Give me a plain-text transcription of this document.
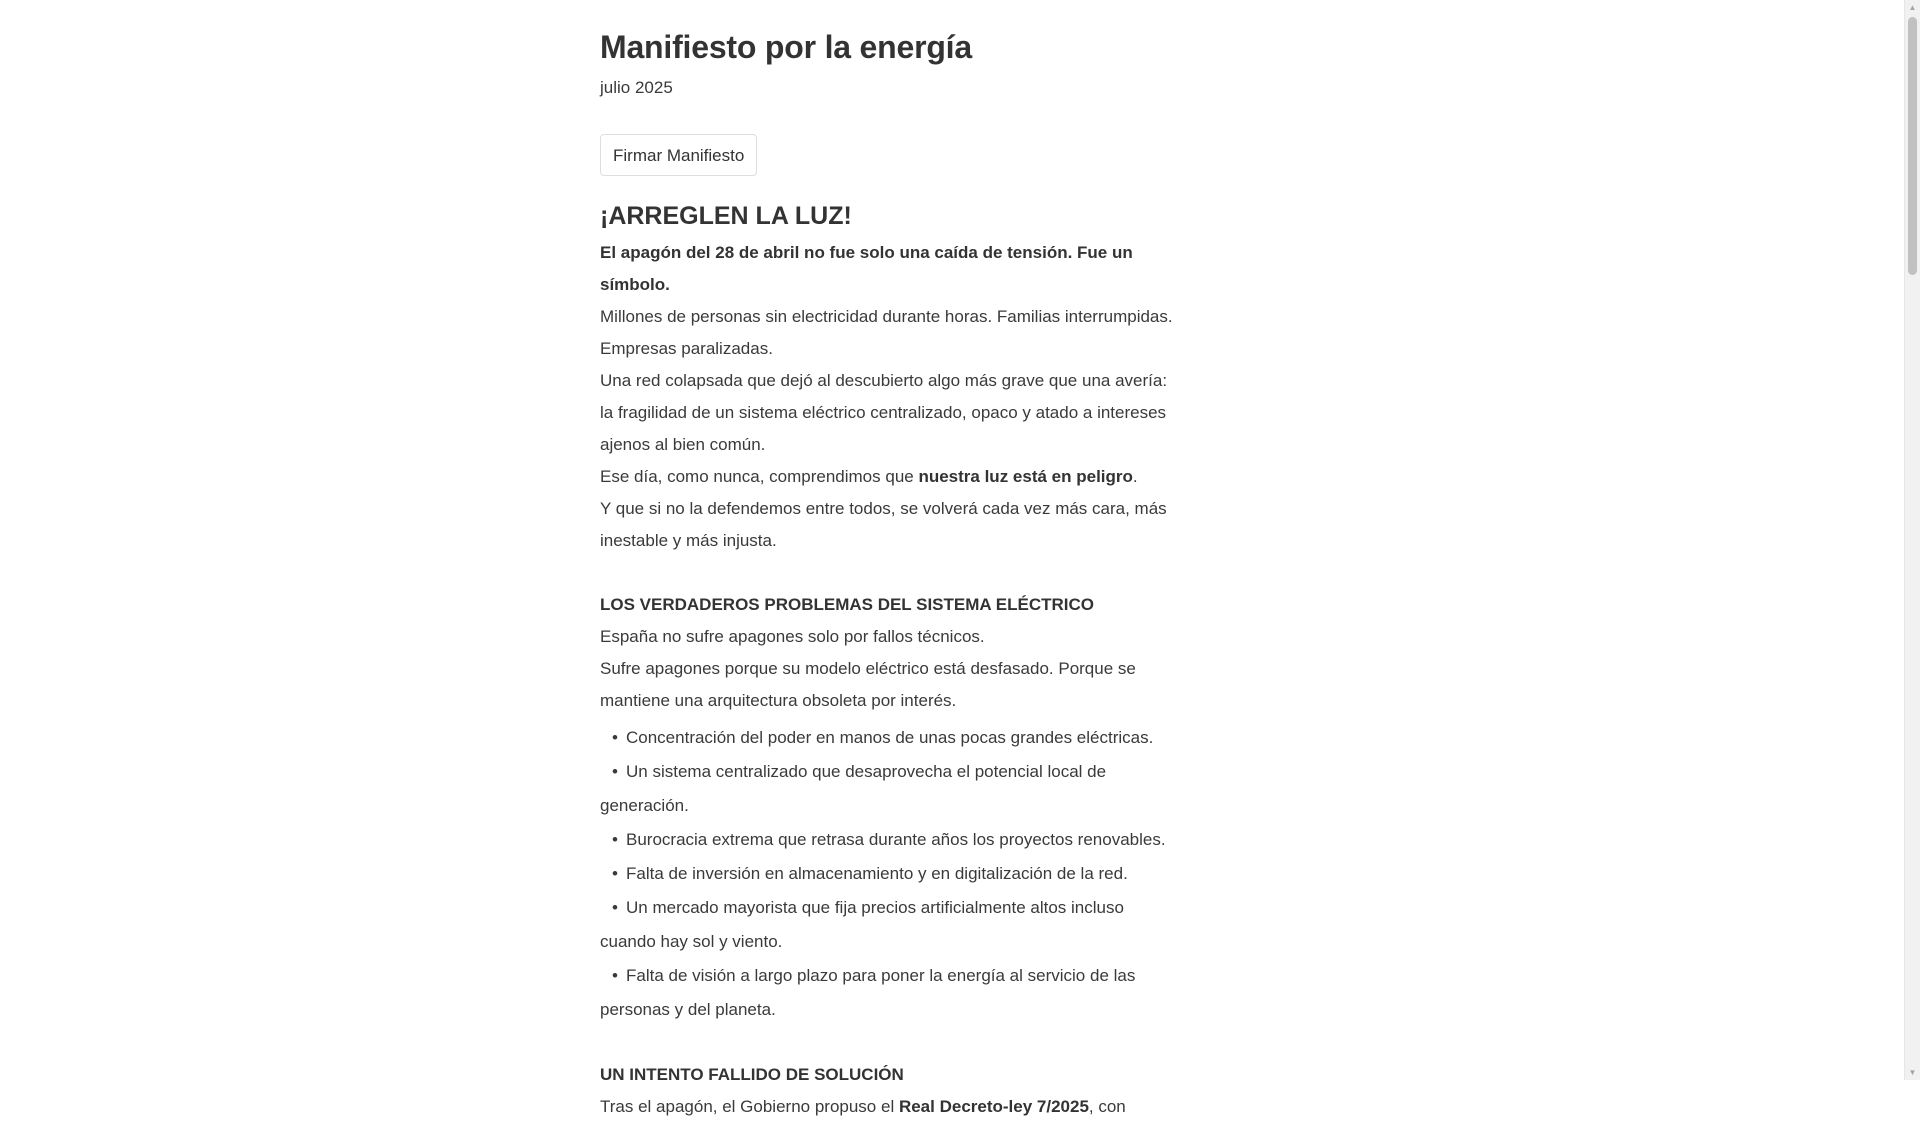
Manifiesto por la energía
julio 2025
Firmar Manifiesto
¡ARREGLEN LA LUZ!

El apagón del 28 de abril no fue solo una caída de tensión. Fue un símbolo.

Millones de personas sin electricidad durante horas. Familias interrumpidas. Empresas paralizadas.

Una red colapsada que dejó al descubierto algo más grave que una avería: la fragilidad de un sistema eléctrico centralizado, opaco y atado a intereses ajenos al bien común.

Ese día, como nunca, comprendimos que nuestra luz está en peligro.

Y que si no la defendemos entre todos, se volverá cada vez más cara, más inestable y más injusta.

LOS VERDADEROS PROBLEMAS DEL SISTEMA ELÉCTRICO

España no sufre apagones solo por fallos técnicos.

Sufre apagones porque su modelo eléctrico está desfasado. Porque se mantiene una arquitectura obsoleta por interés.

• Concentración del poder en manos de unas pocas grandes eléctricas.
• Un sistema centralizado que desaprovecha el potencial local de generación.
• Burocracia extrema que retrasa durante años los proyectos renovables.
• Falta de inversión en almacenamiento y en digitalización de la red.
• Un mercado mayorista que fija precios artificialmente altos incluso cuando hay sol y viento.
• Falta de visión a largo plazo para poner la energía al servicio de las personas y del planeta.

UN INTENTO FALLIDO DE SOLUCIÓN

Tras el apagón, el Gobierno propuso el Real Decreto-ley 7/2025, con

▲
▼
